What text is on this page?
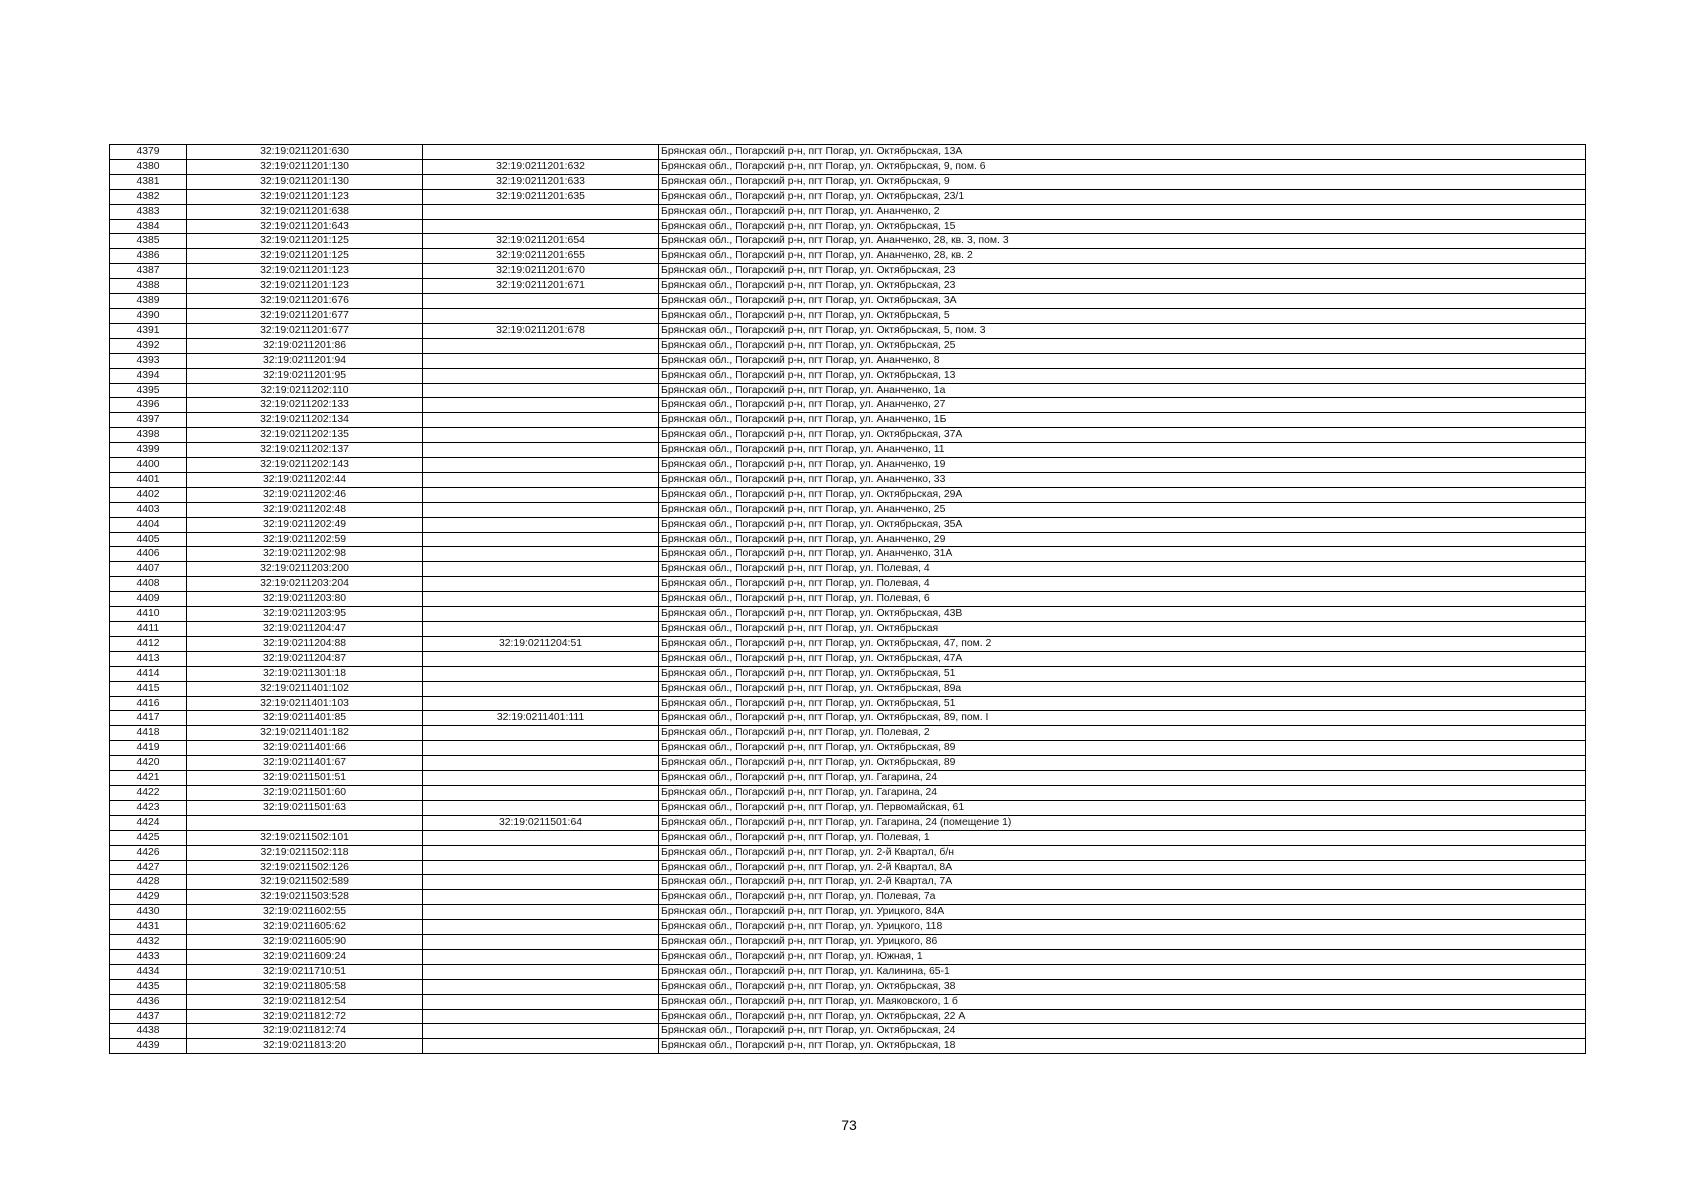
4379	32:19:0211201:630		Брянская обл., Погарский р-н, пгт Погар, ул. Октябрьская, 13А
4380	32:19:0211201:130	32:19:0211201:632	Брянская обл., Погарский р-н, пгт Погар, ул. Октябрьская, 9, пом. 6
4381	32:19:0211201:130	32:19:0211201:633	Брянская обл., Погарский р-н, пгт Погар, ул. Октябрьская, 9
4382	32:19:0211201:123	32:19:0211201:635	Брянская обл., Погарский р-н, пгт Погар, ул. Октябрьская, 23/1
4383	32:19:0211201:638		Брянская обл., Погарский р-н, пгт Погар, ул. Ананченко, 2
4384	32:19:0211201:643		Брянская обл., Погарский р-н, пгт Погар, ул. Октябрьская, 15
4385	32:19:0211201:125	32:19:0211201:654	Брянская обл., Погарский р-н, пгт Погар, ул. Ананченко, 28, кв. 3, пом. 3
4386	32:19:0211201:125	32:19:0211201:655	Брянская обл., Погарский р-н, пгт Погар, ул. Ананченко, 28, кв. 2
4387	32:19:0211201:123	32:19:0211201:670	Брянская обл., Погарский р-н, пгт Погар, ул. Октябрьская, 23
4388	32:19:0211201:123	32:19:0211201:671	Брянская обл., Погарский р-н, пгт Погар, ул. Октябрьская, 23
4389	32:19:0211201:676		Брянская обл., Погарский р-н, пгт Погар, ул. Октябрьская, 3А
4390	32:19:0211201:677		Брянская обл., Погарский р-н, пгт Погар, ул. Октябрьская, 5
4391	32:19:0211201:677	32:19:0211201:678	Брянская обл., Погарский р-н, пгт Погар, ул. Октябрьская, 5, пом. 3
4392	32:19:0211201:86		Брянская обл., Погарский р-н, пгт Погар, ул. Октябрьская, 25
4393	32:19:0211201:94		Брянская обл., Погарский р-н, пгт Погар, ул. Ананченко, 8
4394	32:19:0211201:95		Брянская обл., Погарский р-н, пгт Погар, ул. Октябрьская, 13
4395	32:19:0211202:110		Брянская обл., Погарский р-н, пгт Погар, ул. Ананченко, 1а
4396	32:19:0211202:133		Брянская обл., Погарский р-н, пгт Погар, ул. Ананченко, 27
4397	32:19:0211202:134		Брянская обл., Погарский р-н, пгт Погар, ул. Ананченко, 1Б
4398	32:19:0211202:135		Брянская обл., Погарский р-н, пгт Погар, ул. Октябрьская, 37А
4399	32:19:0211202:137		Брянская обл., Погарский р-н, пгт Погар, ул. Ананченко, 11
4400	32:19:0211202:143		Брянская обл., Погарский р-н, пгт Погар, ул. Ананченко, 19
4401	32:19:0211202:44		Брянская обл., Погарский р-н, пгт Погар, ул. Ананченко, 33
4402	32:19:0211202:46		Брянская обл., Погарский р-н, пгт Погар, ул. Октябрьская, 29А
4403	32:19:0211202:48		Брянская обл., Погарский р-н, пгт Погар, ул. Ананченко, 25
4404	32:19:0211202:49		Брянская обл., Погарский р-н, пгт Погар, ул. Октябрьская, 35А
4405	32:19:0211202:59		Брянская обл., Погарский р-н, пгт Погар, ул. Ананченко, 29
4406	32:19:0211202:98		Брянская обл., Погарский р-н, пгт Погар, ул. Ананченко, 31А
4407	32:19:0211203:200		Брянская обл., Погарский р-н, пгт Погар, ул. Полевая, 4
4408	32:19:0211203:204		Брянская обл., Погарский р-н, пгт Погар, ул. Полевая, 4
4409	32:19:0211203:80		Брянская обл., Погарский р-н, пгт Погар, ул. Полевая, 6
4410	32:19:0211203:95		Брянская обл., Погарский р-н, пгт Погар, ул. Октябрьская, 43В
4411	32:19:0211204:47		Брянская обл., Погарский р-н, пгт Погар, ул. Октябрьская
4412	32:19:0211204:88	32:19:0211204:51	Брянская обл., Погарский р-н, пгт Погар, ул. Октябрьская, 47, пом. 2
4413	32:19:0211204:87		Брянская обл., Погарский р-н, пгт Погар, ул. Октябрьская, 47А
4414	32:19:0211301:18		Брянская обл., Погарский р-н, пгт Погар, ул. Октябрьская, 51
4415	32:19:0211401:102		Брянская обл., Погарский р-н, пгт Погар, ул. Октябрьская, 89а
4416	32:19:0211401:103		Брянская обл., Погарский р-н, пгт Погар, ул. Октябрьская, 51
4417	32:19:0211401:85	32:19:0211401:111	Брянская обл., Погарский р-н, пгт Погар, ул. Октябрьская, 89, пом. I
4418	32:19:0211401:182		Брянская обл., Погарский р-н, пгт Погар, ул. Полевая, 2
4419	32:19:0211401:66		Брянская обл., Погарский р-н, пгт Погар, ул. Октябрьская, 89
4420	32:19:0211401:67		Брянская обл., Погарский р-н, пгт Погар, ул. Октябрьская, 89
4421	32:19:0211501:51		Брянская обл., Погарский р-н, пгт Погар, ул. Гагарина, 24
4422	32:19:0211501:60		Брянская обл., Погарский р-н, пгт Погар, ул. Гагарина, 24
4423	32:19:0211501:63		Брянская обл., Погарский р-н, пгт Погар, ул. Первомайская, 61
4424		32:19:0211501:64	Брянская обл., Погарский р-н, пгт Погар, ул. Гагарина, 24 (помещение 1)
4425	32:19:0211502:101		Брянская обл., Погарский р-н, пгт Погар, ул. Полевая, 1
4426	32:19:0211502:118		Брянская обл., Погарский р-н, пгт Погар, ул. 2-й Квартал, б/н
4427	32:19:0211502:126		Брянская обл., Погарский р-н, пгт Погар, ул. 2-й Квартал, 8А
4428	32:19:0211502:589		Брянская обл., Погарский р-н, пгт Погар, ул. 2-й Квартал, 7А
4429	32:19:0211503:528		Брянская обл., Погарский р-н, пгт Погар, ул. Полевая, 7а
4430	32:19:0211602:55		Брянская обл., Погарский р-н, пгт Погар, ул. Урицкого, 84А
4431	32:19:0211605:62		Брянская обл., Погарский р-н, пгт Погар, ул. Урицкого, 118
4432	32:19:0211605:90		Брянская обл., Погарский р-н, пгт Погар, ул. Урицкого, 86
4433	32:19:0211609:24		Брянская обл., Погарский р-н, пгт Погар, ул. Южная, 1
4434	32:19:0211710:51		Брянская обл., Погарский р-н, пгт Погар, ул. Калинина, 65-1
4435	32:19:0211805:58		Брянская обл., Погарский р-н, пгт Погар, ул. Октябрьская, 38
4436	32:19:0211812:54		Брянская обл., Погарский р-н, пгт Погар, ул. Маяковского, 1 б
4437	32:19:0211812:72		Брянская обл., Погарский р-н, пгт Погар, ул. Октябрьская, 22 А
4438	32:19:0211812:74		Брянская обл., Погарский р-н, пгт Погар, ул. Октябрьская, 24
4439	32:19:0211813:20		Брянская обл., Погарский р-н, пгт Погар, ул. Октябрьская, 18
73
